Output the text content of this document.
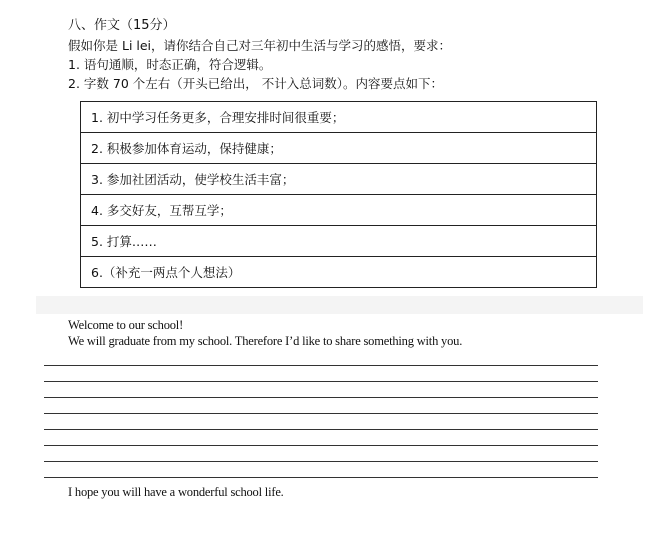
八、作文（15分）
假如你是 Li lei，请你结合自己对三年初中生活与学习的感悟，要求：
1. 语句通顺，时态正确，符合逻辑。
2. 字数 70 个左右（开头已给出， 不计入总词数）。内容要点如下：
1. 初中学习任务更多，合理安排时间很重要；
2. 积极参加体育运动，保持健康；
3. 参加社团活动，使学校生活丰富；
4. 多交好友，互帮互学；
5. 打算……
6.（补充一两点个人想法）
Welcome to our school!
We will graduate from my school. Therefore I’d like to share something with you.
I hope you will have a wonderful school life.
